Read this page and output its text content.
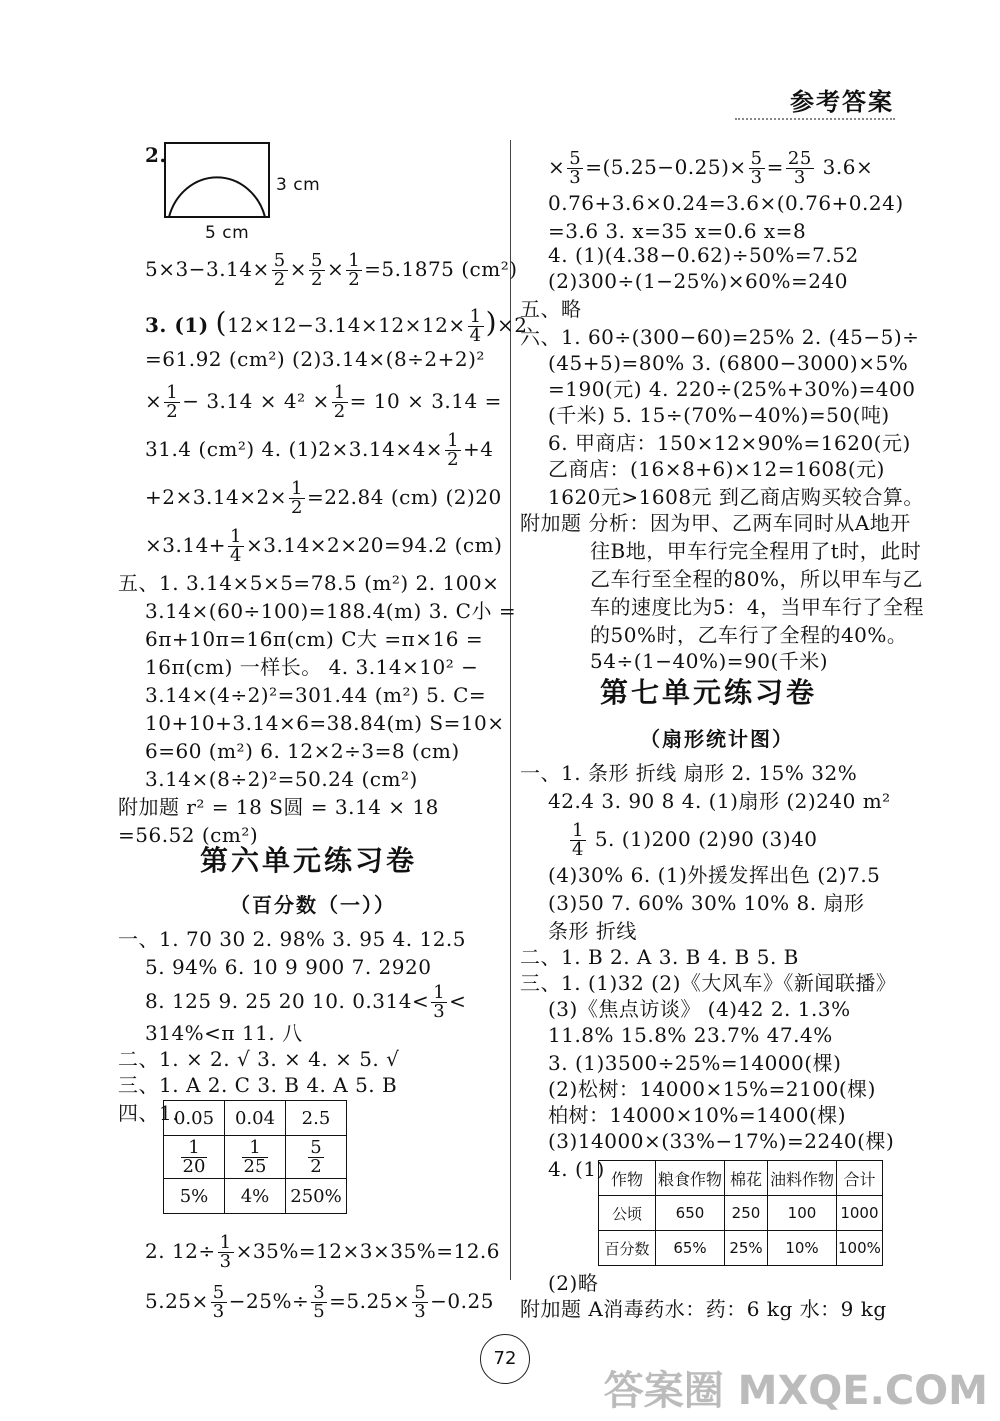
参考答案
2.
3 cm
5 cm
$5\times 3-3.14\times \frac{5}{2} \times \frac{5}{2} \times \frac{1}{2} =5.1875$ (cm²)
3. (1) $(12\times 12-3.14\times 12\times 12\times \frac{1}{4} )\times 2$
=61.92 (cm²) (2)3.14×(8÷2+2)²
× $\frac{1}{2} - 3.14 \times 4^2 \times \frac{1}{2} = 10 \times 3.14$ =
31.4 (cm²) 4. $(1)2\times 3.14\times 4\times \frac{1}{2} +4$
$+2\times 3.14\times 2\times \frac{1}{2} =22.84$ (cm) (2)20
$\times 3.14+ \frac{1}{4} \times 3.14\times 2\times 20=94.2$ (cm)
五、1. 3.14×5×5=78.5 (m²) 2. 100×
3.14×(60÷100)=188.4(m) 3. C小 =
6π+10π=16π(cm) C大 =π×16 =
16π(cm) 一样长。 4. 3.14×10² −
3.14×(4÷2)²=301.44 (m²) 5. C=
10+10+3.14×6=38.84(m) S=10×
6=60 (m²) 6. 12×2÷3=8 (cm)
3.14×(8÷2)²=50.24 (cm²)
附加题 r² = 18 S圆 = 3.14 × 18
=56.52 (cm²)
第六单元练习卷
（百分数（一））
一、1. 70 30 2. 98% 3. 95 4. 12.5
5. 94% 6. 10 9 900 7. 2920
8. 125 9. 25 20 10. $0.314< \frac{1}{3}$ <
314%<π 11. 八
二、1. × 2. √ 3. × 4. × 5. √
三、1. A 2. C 3. B 4. A 5. B
四、1.
0.05	0.04	2.5

$\frac{1}{20}$	$\frac{1}{25}$	$\frac{5}{2}$

5%	4%	250%
2. $12\div \frac{1}{3} \times 35\%=12\times 3\times 35\%=12.6$
$5.25\times \frac{5}{3} -25\%\div \frac{3}{5} =5.25\times \frac{5}{3} -0.25$
× $\frac{5}{3} =(5.25-0.25)\times \frac{5}{3} = \frac{25}{3} 3.6\times$
0.76+3.6×0.24=3.6×(0.76+0.24)
=3.6 3. x=35 x=0.6 x=8
4. (1)(4.38−0.62)÷50%=7.52
(2)300÷(1−25%)×60%=240
五、略
六、1. 60÷(300−60)=25% 2. (45−5)÷
(45+5)=80% 3. (6800−3000)×5%
=190(元) 4. 220÷(25%+30%)=400
(千米) 5. 15÷(70%−40%)=50(吨)
6. 甲商店：150×12×90%=1620(元)
乙商店：(16×8+6)×12=1608(元)
1620元>1608元 到乙商店购买较合算。
附加题 分析：因为甲、乙两车同时从A地开
往B地，甲车行完全程用了t时，此时
乙车行至全程的80%，所以甲车与乙
车的速度比为5：4，当甲车行了全程
的50%时，乙车行了全程的40%。
54÷(1−40%)=90(千米)
第七单元练习卷
（扇形统计图）
一、1. 条形 折线 扇形 2. 15% 32%
42.4 3. 90 8 4. (1)扇形 (2)240 m²
$\frac{1}{4} 5$. (1)200 (2)90 (3)40
(4)30% 6. (1)外援发挥出色 (2)7.5
(3)50 7. 60% 30% 10% 8. 扇形
条形 折线
二、1. B 2. A 3. B 4. B 5. B
三、1. (1)32 (2)《大风车》《新闻联播》
(3)《焦点访谈》 (4)42 2. 1.3%
11.8% 15.8% 23.7% 47.4%
3. (1)3500÷25%=14000(棵)
(2)松树：14000×15%=2100(棵)
柏树：14000×10%=1400(棵)
(3)14000×(33%−17%)=2240(棵)
4. (1) 作物	粮食作物	棉花	油料作物	合计
公顷	650	250	100	1000
百分数	65%	25%	10%	100%
(2)略
附加题 A消毒药水：药：6 kg 水：9 kg
72
答案圈 MXQE.COM
